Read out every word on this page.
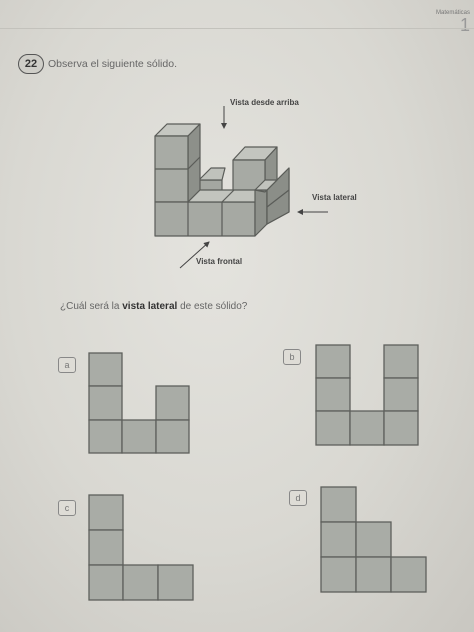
Matemáticas
1
22	Observa el siguiente sólido.
Vista desde arriba
Vista lateral
Vista frontal
¿Cuál será la vista lateral de este sólido?
a
b
c
d
